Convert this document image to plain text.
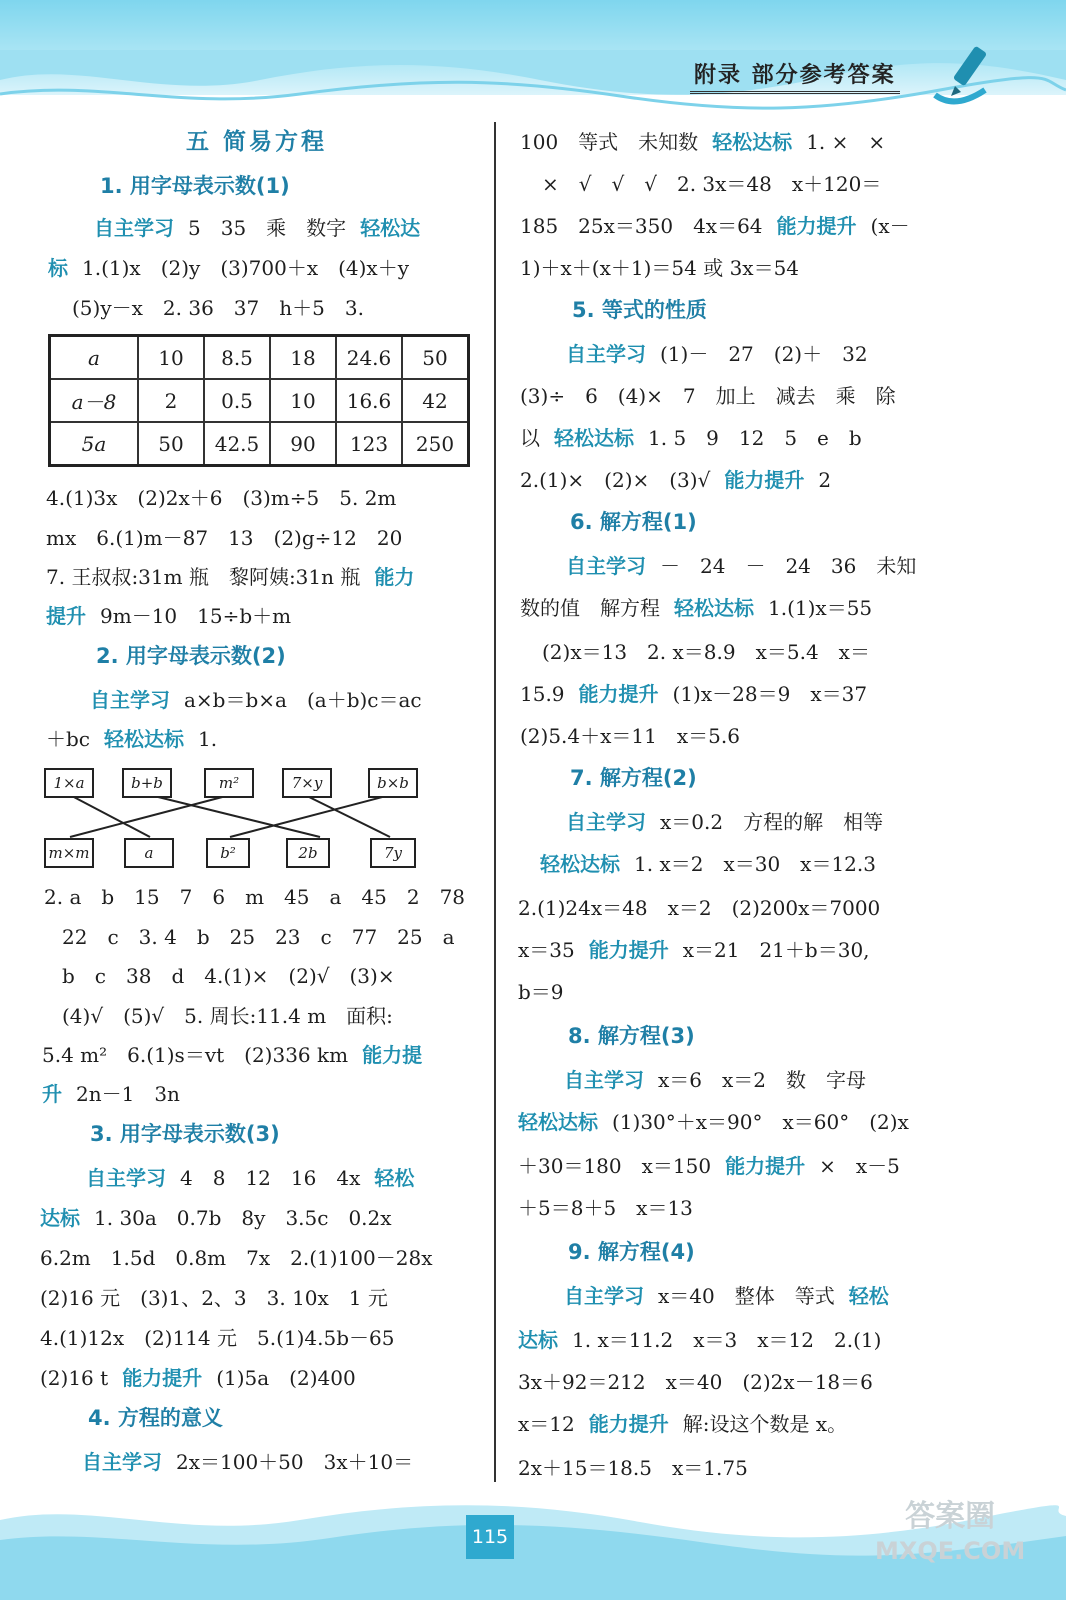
附录 部分参考答案
五 简易方程
1. 用字母表示数(1)
自主学习 5　35　乘　数字 轻松达
标 1.(1)x　(2)y　(3)700＋x　(4)x＋y
(5)y－x　2. 36　37　h＋5　3.
a	10	8.5	18	24.6	50
a－8	2	0.5	10	16.6	42
5a	50	42.5	90	123	250
4.(1)3x　(2)2x＋6　(3)m÷5　5. 2m
mx　6.(1)m－87　13　(2)g÷12　20
7. 王叔叔:31m 瓶　黎阿姨:31n 瓶 能力
提升 9m－10　15÷b＋m
2. 用字母表示数(2)
自主学习 a×b＝b×a　(a＋b)c＝ac
＋bc 轻松达标 1.
1×a	b+b	m²	7×y	b×b
m×m	a	b²	2b	7y
2. a　b　15　7　6　m　45　a　45　2　78
22　c　3. 4　b　25　23　c　77　25　a
b　c　38　d　4.(1)×　(2)√　(3)×
(4)√　(5)√　5. 周长:11.4 m　面积:
5.4 m²　6.(1)s＝vt　(2)336 km 能力提
升 2n－1　3n
3. 用字母表示数(3)
自主学习 4　8　12　16　4x 轻松
达标 1. 30a　0.7b　8y　3.5c　0.2x
6.2m　1.5d　0.8m　7x　2.(1)100－28x
(2)16 元　(3)1、2、3　3. 10x　1 元
4.(1)12x　(2)114 元　5.(1)4.5b－65
(2)16 t 能力提升 (1)5a　(2)400
4. 方程的意义
自主学习 2x＝100＋50　3x＋10＝
100　等式　未知数 轻松达标 1. ×　×
×　√　√　√　2. 3x＝48　x＋120＝
185　25x＝350　4x＝64 能力提升 (x－
1)＋x＋(x＋1)＝54 或 3x＝54
5. 等式的性质
自主学习 (1)－　27　(2)＋　32
(3)÷　6　(4)×　7　加上　减去　乘　除
以 轻松达标 1. 5　9　12　5　e　b
2.(1)×　(2)×　(3)√ 能力提升 2
6. 解方程(1)
自主学习 －　24　－　24　36　未知
数的值　解方程 轻松达标 1.(1)x＝55
(2)x＝13　2. x＝8.9　x＝5.4　x＝
15.9 能力提升 (1)x－28＝9　x＝37
(2)5.4＋x＝11　x＝5.6
7. 解方程(2)
自主学习 x＝0.2　方程的解　相等
轻松达标 1. x＝2　x＝30　x＝12.3
2.(1)24x＝48　x＝2　(2)200x＝7000
x＝35 能力提升 x＝21　21＋b＝30,
b＝9
8. 解方程(3)
自主学习 x＝6　x＝2　数　字母
轻松达标 (1)30°＋x＝90°　x＝60°　(2)x
＋30＝180　x＝150 能力提升 ×　x－5
＋5＝8＋5　x＝13
9. 解方程(4)
自主学习 x＝40　整体　等式 轻松
达标 1. x＝11.2　x＝3　x＝12　2.(1)
3x＋92＝212　x＝40　(2)2x－18＝6
x＝12 能力提升 解:设这个数是 x。
2x＋15＝18.5　x＝1.75
115
答案圈
MXQE.COM
